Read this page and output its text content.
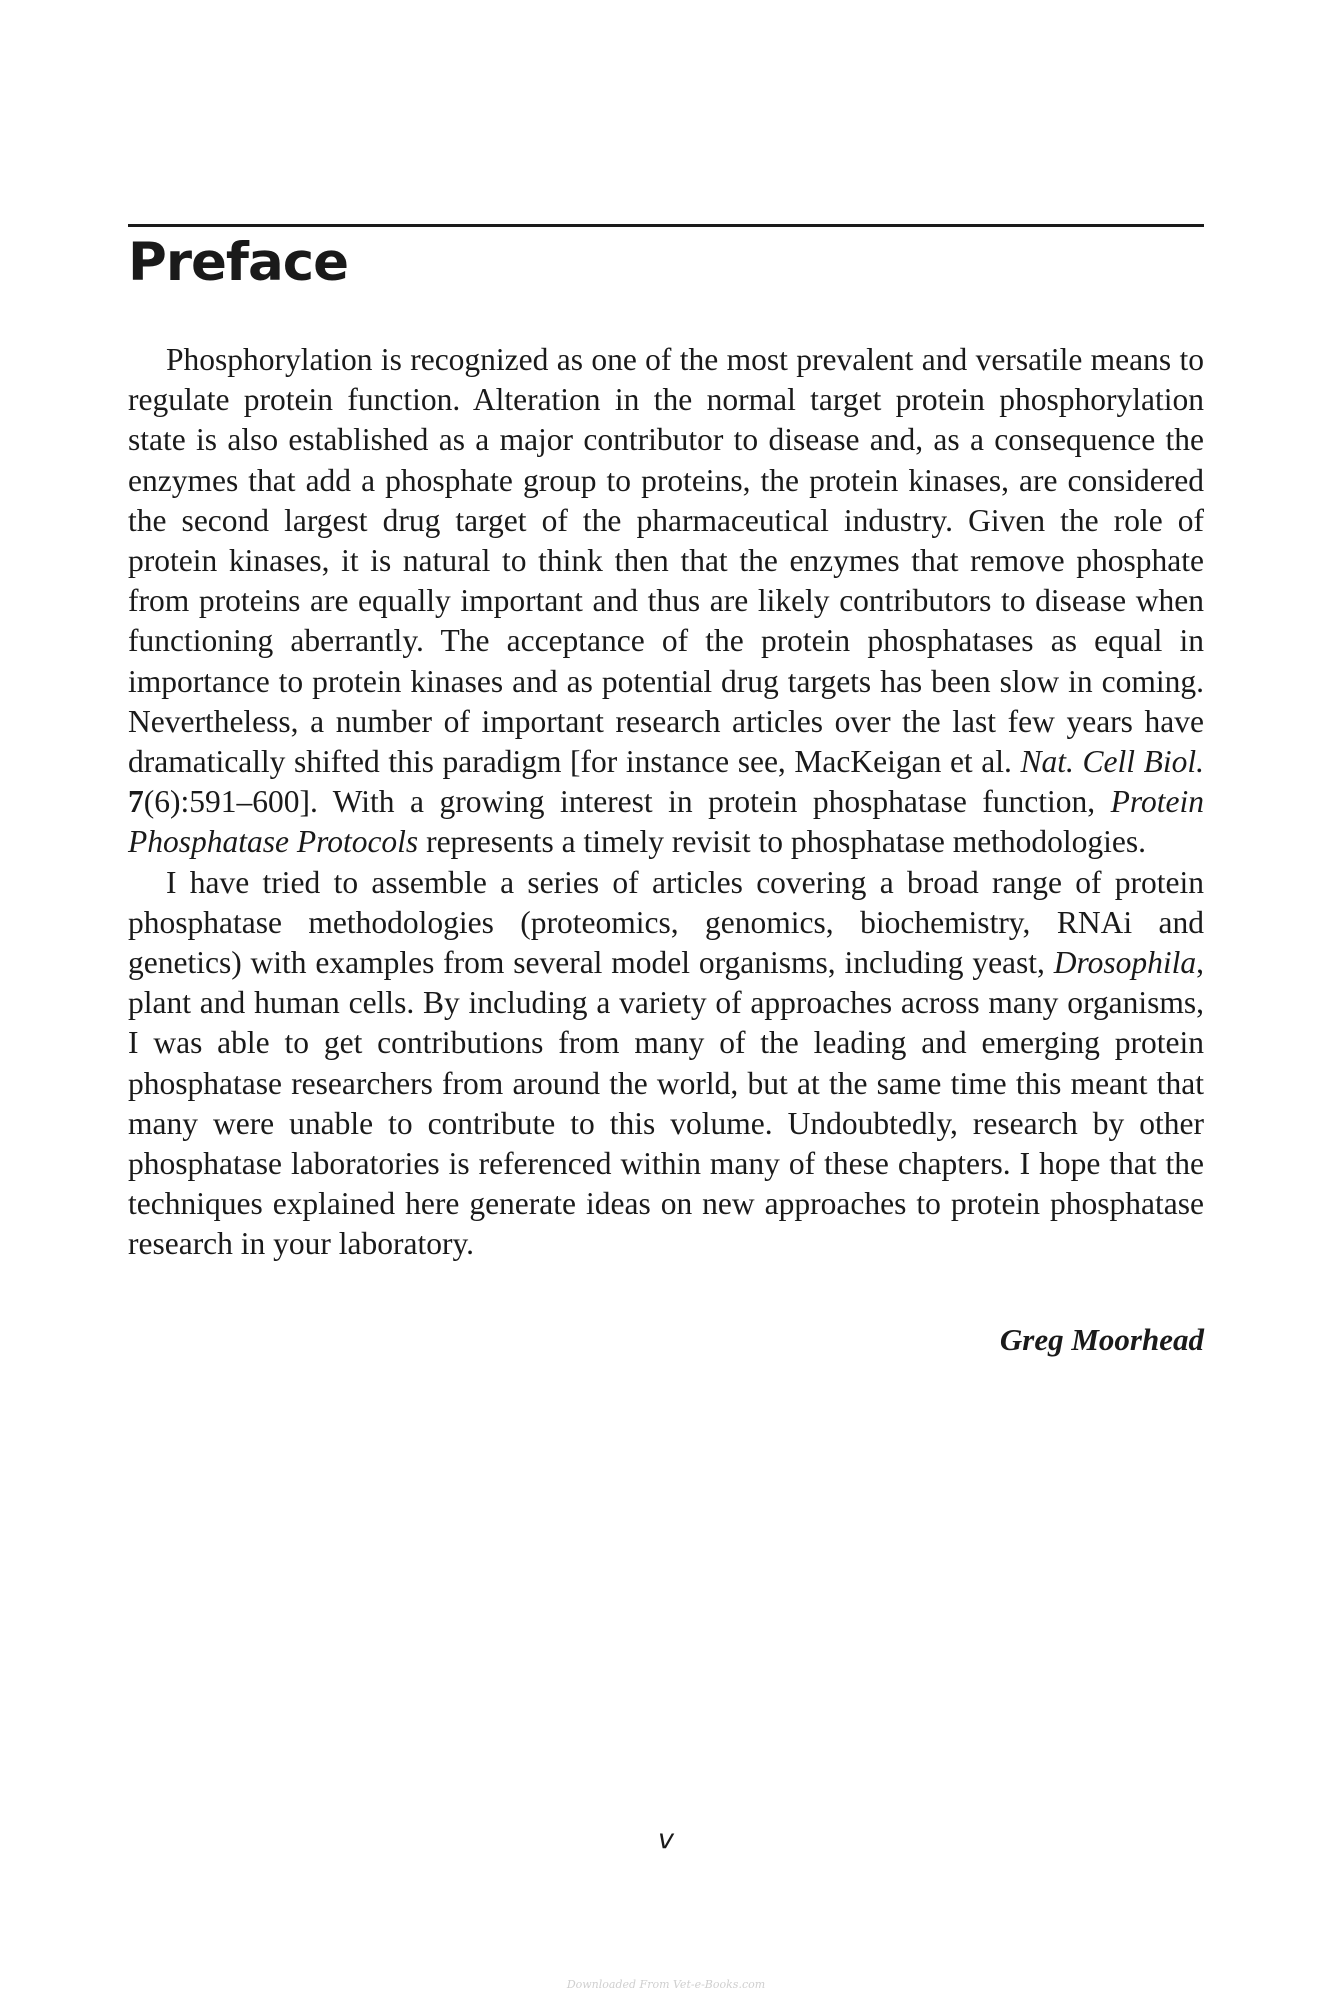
Preface

Phosphorylation is recognized as one of the most prevalent and versatile means to regulate protein function. Alteration in the normal target protein phosphorylation state is also established as a major contributor to disease and, as a consequence the enzymes that add a phosphate group to proteins, the protein kinases, are considered the second largest drug target of the pharmaceutical industry. Given the role of protein kinases, it is natural to think then that the enzymes that remove phosphate from proteins are equally important and thus are likely contributors to disease when functioning aberrantly. The acceptance of the protein phosphatases as equal in importance to protein kinases and as potential drug targets has been slow in coming. Nevertheless, a number of important research articles over the last few years have dramatically shifted this paradigm [for instance see, MacKeigan et al. Nat. Cell Biol. 7(6):591–600]. With a growing interest in protein phosphatase function, Protein Phosphatase Protocols represents a timely revisit to phosphatase methodologies.

I have tried to assemble a series of articles covering a broad range of protein phosphatase methodologies (proteomics, genomics, biochemistry, RNAi and genetics) with examples from several model organisms, including yeast, Drosophila, plant and human cells. By including a variety of approaches across many organisms, I was able to get contributions from many of the leading and emerging protein phosphatase researchers from around the world, but at the same time this meant that many were unable to contribute to this volume. Undoubtedly, research by other phosphatase laboratories is referenced within many of these chapters. I hope that the techniques explained here generate ideas on new approaches to protein phosphatase research in your laboratory.

Greg Moorhead
v
Downloaded From Vet-e-Books.com
